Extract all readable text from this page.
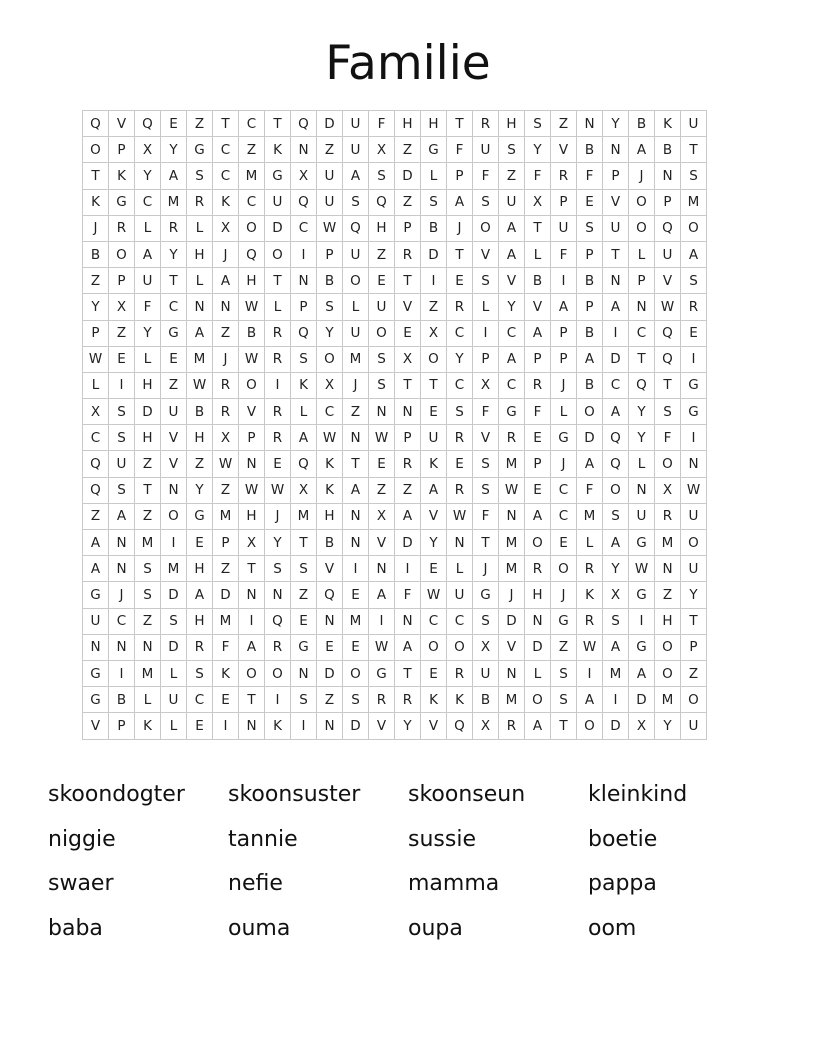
Familie
Q	V	Q	E	Z	T	C	T	Q	D	U	F	H	H	T	R	H	S	Z	N	Y	B	K	U
O	P	X	Y	G	C	Z	K	N	Z	U	X	Z	G	F	U	S	Y	V	B	N	A	B	T
T	K	Y	A	S	C	M	G	X	U	A	S	D	L	P	F	Z	F	R	F	P	J	N	S
K	G	C	M	R	K	C	U	Q	U	S	Q	Z	S	A	S	U	X	P	E	V	O	P	M
J	R	L	R	L	X	O	D	C	W	Q	H	P	B	J	O	A	T	U	S	U	O	Q	O
B	O	A	Y	H	J	Q	O	I	P	U	Z	R	D	T	V	A	L	F	P	T	L	U	A
Z	P	U	T	L	A	H	T	N	B	O	E	T	I	E	S	V	B	I	B	N	P	V	S
Y	X	F	C	N	N	W	L	P	S	L	U	V	Z	R	L	Y	V	A	P	A	N	W	R
P	Z	Y	G	A	Z	B	R	Q	Y	U	O	E	X	C	I	C	A	P	B	I	C	Q	E
W	E	L	E	M	J	W	R	S	O	M	S	X	O	Y	P	A	P	P	A	D	T	Q	I
L	I	H	Z	W	R	O	I	K	X	J	S	T	T	C	X	C	R	J	B	C	Q	T	G
X	S	D	U	B	R	V	R	L	C	Z	N	N	E	S	F	G	F	L	O	A	Y	S	G
C	S	H	V	H	X	P	R	A	W	N	W	P	U	R	V	R	E	G	D	Q	Y	F	I
Q	U	Z	V	Z	W	N	E	Q	K	T	E	R	K	E	S	M	P	J	A	Q	L	O	N
Q	S	T	N	Y	Z	W	W	X	K	A	Z	Z	A	R	S	W	E	C	F	O	N	X	W
Z	A	Z	O	G	M	H	J	M	H	N	X	A	V	W	F	N	A	C	M	S	U	R	U
A	N	M	I	E	P	X	Y	T	B	N	V	D	Y	N	T	M	O	E	L	A	G	M	O
A	N	S	M	H	Z	T	S	S	V	I	N	I	E	L	J	M	R	O	R	Y	W	N	U
G	J	S	D	A	D	N	N	Z	Q	E	A	F	W	U	G	J	H	J	K	X	G	Z	Y
U	C	Z	S	H	M	I	Q	E	N	M	I	N	C	C	S	D	N	G	R	S	I	H	T
N	N	N	D	R	F	A	R	G	E	E	W	A	O	O	X	V	D	Z	W	A	G	O	P
G	I	M	L	S	K	O	O	N	D	O	G	T	E	R	U	N	L	S	I	M	A	O	Z
G	B	L	U	C	E	T	I	S	Z	S	R	R	K	K	B	M	O	S	A	I	D	M	O
V	P	K	L	E	I	N	K	I	N	D	V	Y	V	Q	X	R	A	T	O	D	X	Y	U
skoondogter	skoonsuster	skoonseun	kleinkind
niggie	tannie	sussie	boetie
swaer	nefie	mamma	pappa
baba	ouma	oupa	oom
